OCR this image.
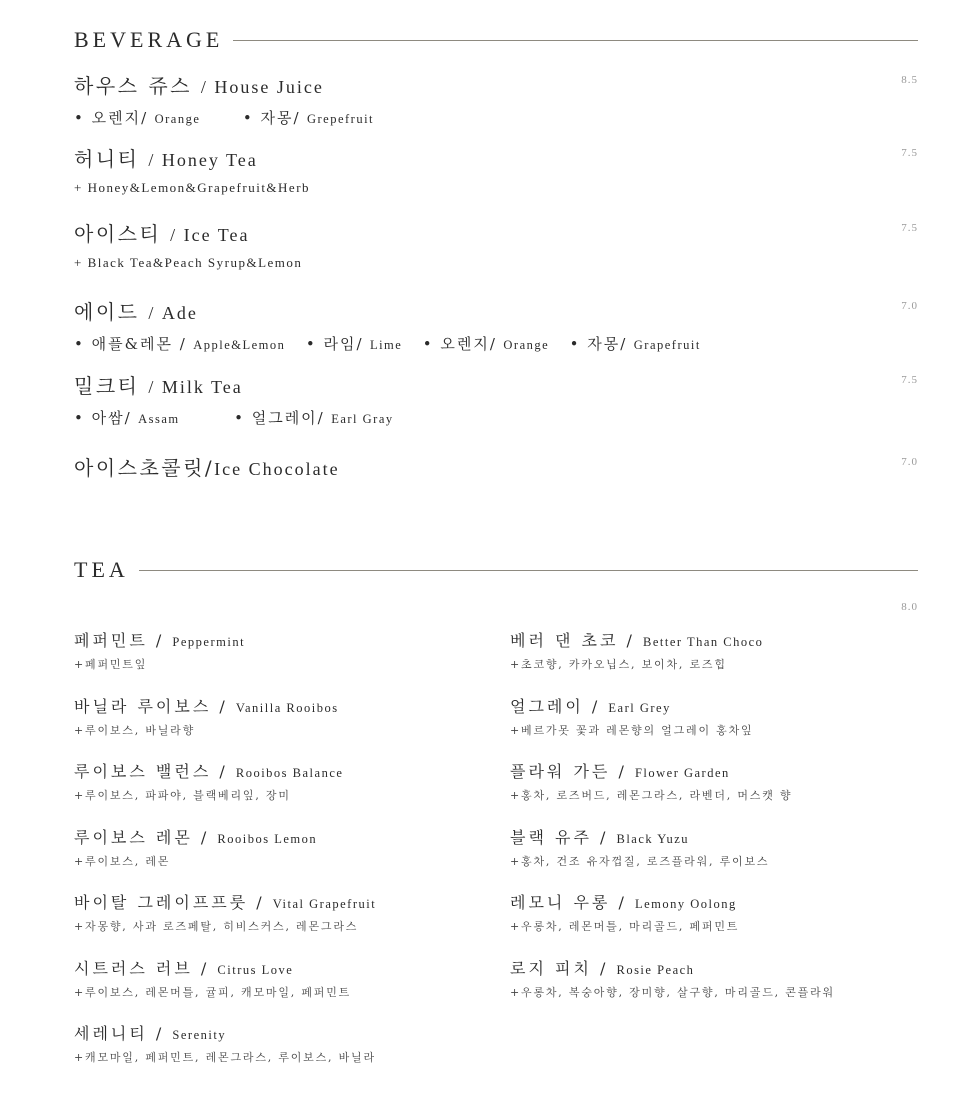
BEVERAGE
하우스 쥬스 / House Juice	8.5
• 오렌지/ Orange	• 자몽/ Grepefruit
허니티 / Honey Tea	7.5
+ Honey&Lemon&Grapefruit&Herb
아이스티 / Ice Tea	7.5
+ Black Tea&Peach Syrup&Lemon
에이드 / Ade	7.0
• 애플&레몬 / Apple&Lemon • 라임/ Lime • 오렌지/ Orange • 자몽/ Grapefruit
밀크티 / Milk Tea	7.5
• 아쌈/ Assam	• 얼그레이/ Earl Gray
아이스초콜릿/Ice Chocolate	7.0
TEA
8.0
페퍼민트 / Peppermint
+페퍼민트잎
바닐라 루이보스 / Vanilla Rooibos
+루이보스, 바닐라향
루이보스 밸런스 / Rooibos Balance
+루이보스, 파파야, 블랙베리잎, 장미
루이보스 레몬 / Rooibos Lemon
+루이보스, 레몬
바이탈 그레이프프룻 / Vital Grapefruit
+자몽향, 사과 로즈페탈, 히비스커스, 레몬그라스
시트러스 러브 / Citrus Love
+루이보스, 레몬머틀, 귤피, 캐모마일, 페퍼민트
세레니티 / Serenity
+캐모마일, 페퍼민트, 레몬그라스, 루이보스, 바닐라
베러 댄 초코 / Better Than Choco
+초코향, 카카오닙스, 보이차, 로즈힙
얼그레이 / Earl Grey
+베르가못 꽃과 레몬향의 얼그레이 홍차잎
플라워 가든 / Flower Garden
+홍차, 로즈버드, 레몬그라스, 라벤더, 머스캣 향
블랙 유주 / Black Yuzu
+홍차, 건조 유자껍질, 로즈플라워, 루이보스
레모니 우롱 / Lemony Oolong
+우롱차, 레몬머틀, 마리골드, 페퍼민트
로지 피치 / Rosie Peach
+우롱차, 복숭아향, 장미향, 살구향, 마리골드, 콘플라워
